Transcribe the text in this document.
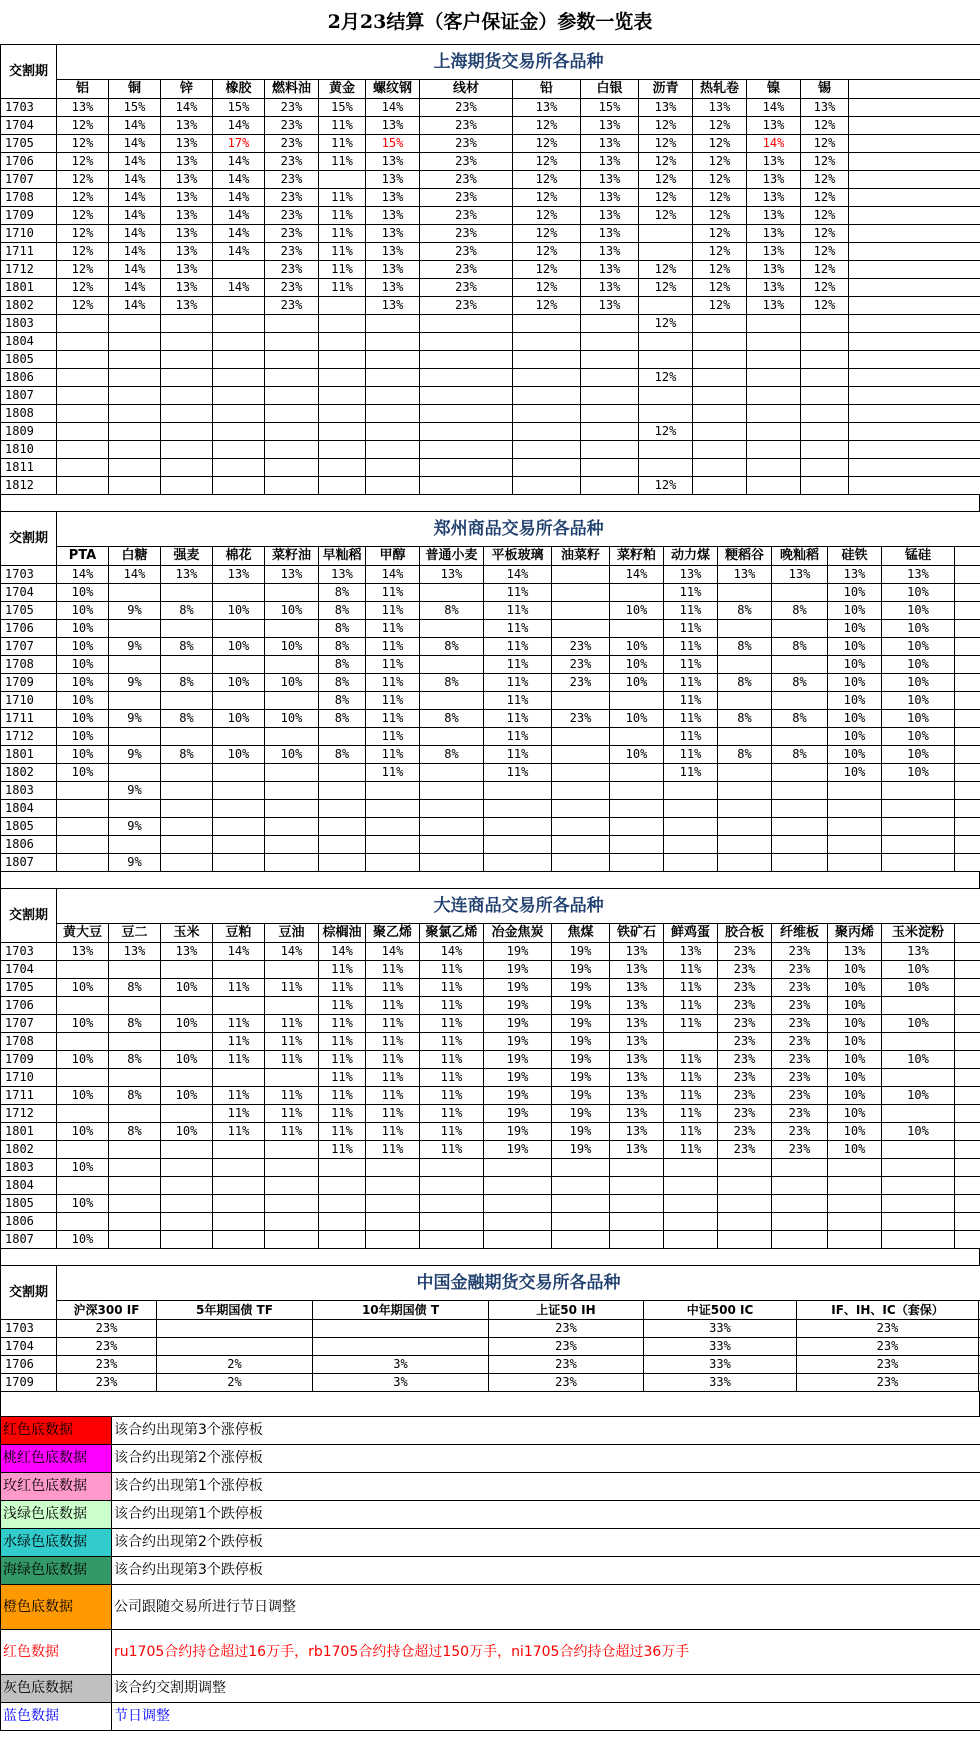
2月23结算（客户保证金）参数一览表
交割期	上海期货交易所各品种														
	铝	铜	锌	橡胶	燃料油	黄金	螺纹钢	线材	铅	白银	沥青	热轧卷	镍	锡	
1703	13%	15%	14%	15%	23%	15%	14%	23%	13%	15%	13%	13%	14%	13%	
1704	12%	14%	13%	14%	23%	11%	13%	23%	12%	13%	12%	12%	13%	12%	
1705	12%	14%	13%	17%	23%	11%	15%	23%	12%	13%	12%	12%	14%	12%	
1706	12%	14%	13%	14%	23%	11%	13%	23%	12%	13%	12%	12%	13%	12%	
1707	12%	14%	13%	14%	23%		13%	23%	12%	13%	12%	12%	13%	12%	
1708	12%	14%	13%	14%	23%	11%	13%	23%	12%	13%	12%	12%	13%	12%	
1709	12%	14%	13%	14%	23%	11%	13%	23%	12%	13%	12%	12%	13%	12%	
1710	12%	14%	13%	14%	23%	11%	13%	23%	12%	13%		12%	13%	12%	
1711	12%	14%	13%	14%	23%	11%	13%	23%	12%	13%		12%	13%	12%	
1712	12%	14%	13%		23%	11%	13%	23%	12%	13%	12%	12%	13%	12%	
1801	12%	14%	13%	14%	23%	11%	13%	23%	12%	13%	12%	12%	13%	12%	
1802	12%	14%	13%		23%		13%	23%	12%	13%		12%	13%	12%	
1803											12%				
1804															
1805															
1806											12%				
1807															
1808															
1809											12%				
1810															
1811															
1812											12%				
交割期	郑州商品交易所各品种																
	PTA	白糖	强麦	棉花	菜籽油	早籼稻	甲醇	普通小麦	平板玻璃	油菜籽	菜籽粕	动力煤	粳稻谷	晚籼稻	硅铁	锰硅	
1703	14%	14%	13%	13%	13%	13%	14%	13%	14%		14%	13%	13%	13%	13%	13%	
1704	10%					8%	11%		11%			11%			10%	10%	
1705	10%	9%	8%	10%	10%	8%	11%	8%	11%		10%	11%	8%	8%	10%	10%	
1706	10%					8%	11%		11%			11%			10%	10%	
1707	10%	9%	8%	10%	10%	8%	11%	8%	11%	23%	10%	11%	8%	8%	10%	10%	
1708	10%					8%	11%		11%	23%	10%	11%			10%	10%	
1709	10%	9%	8%	10%	10%	8%	11%	8%	11%	23%	10%	11%	8%	8%	10%	10%	
1710	10%					8%	11%		11%			11%			10%	10%	
1711	10%	9%	8%	10%	10%	8%	11%	8%	11%	23%	10%	11%	8%	8%	10%	10%	
1712	10%						11%		11%			11%			10%	10%	
1801	10%	9%	8%	10%	10%	8%	11%	8%	11%		10%	11%	8%	8%	10%	10%	
1802	10%						11%		11%			11%			10%	10%	
1803		9%															
1804																	
1805		9%															
1806																	
1807		9%															
交割期	大连商品交易所各品种																
	黄大豆	豆二	玉米	豆粕	豆油	棕榈油	聚乙烯	聚氯乙烯	冶金焦炭	焦煤	铁矿石	鲜鸡蛋	胶合板	纤维板	聚丙烯	玉米淀粉	
1703	13%	13%	13%	14%	14%	14%	14%	14%	19%	19%	13%	13%	23%	23%	13%	13%	
1704						11%	11%	11%	19%	19%	13%	11%	23%	23%	10%	10%	
1705	10%	8%	10%	11%	11%	11%	11%	11%	19%	19%	13%	11%	23%	23%	10%	10%	
1706						11%	11%	11%	19%	19%	13%	11%	23%	23%	10%		
1707	10%	8%	10%	11%	11%	11%	11%	11%	19%	19%	13%	11%	23%	23%	10%	10%	
1708				11%	11%	11%	11%	11%	19%	19%	13%		23%	23%	10%		
1709	10%	8%	10%	11%	11%	11%	11%	11%	19%	19%	13%	11%	23%	23%	10%	10%	
1710						11%	11%	11%	19%	19%	13%	11%	23%	23%	10%		
1711	10%	8%	10%	11%	11%	11%	11%	11%	19%	19%	13%	11%	23%	23%	10%	10%	
1712				11%	11%	11%	11%	11%	19%	19%	13%	11%	23%	23%	10%		
1801	10%	8%	10%	11%	11%	11%	11%	11%	19%	19%	13%	11%	23%	23%	10%	10%	
1802						11%	11%	11%	19%	19%	13%	11%	23%	23%	10%		
1803	10%																
1804																	
1805	10%																
1806																	
1807	10%																
交割期	中国金融期货交易所各品种						
	沪深300 IF	5年期国债 TF	10年期国债 T	上证50 IH	中证500 IC	IF、IH、IC（套保）	
1703	23%			23%	33%	23%	
1704	23%			23%	33%	23%	
1706	23%	2%	3%	23%	33%	23%	
1709	23%	2%	3%	23%	33%	23%	
红色底数据	该合约出现第3个涨停板
桃红色底数据	该合约出现第2个涨停板
玫红色底数据	该合约出现第1个涨停板
浅绿色底数据	该合约出现第1个跌停板
水绿色底数据	该合约出现第2个跌停板
海绿色底数据	该合约出现第3个跌停板
橙色底数据	公司跟随交易所进行节日调整
红色数据	ru1705合约持仓超过16万手，rb1705合约持仓超过150万手，ni1705合约持仓超过36万手
灰色底数据	该合约交割期调整
蓝色数据	节日调整
